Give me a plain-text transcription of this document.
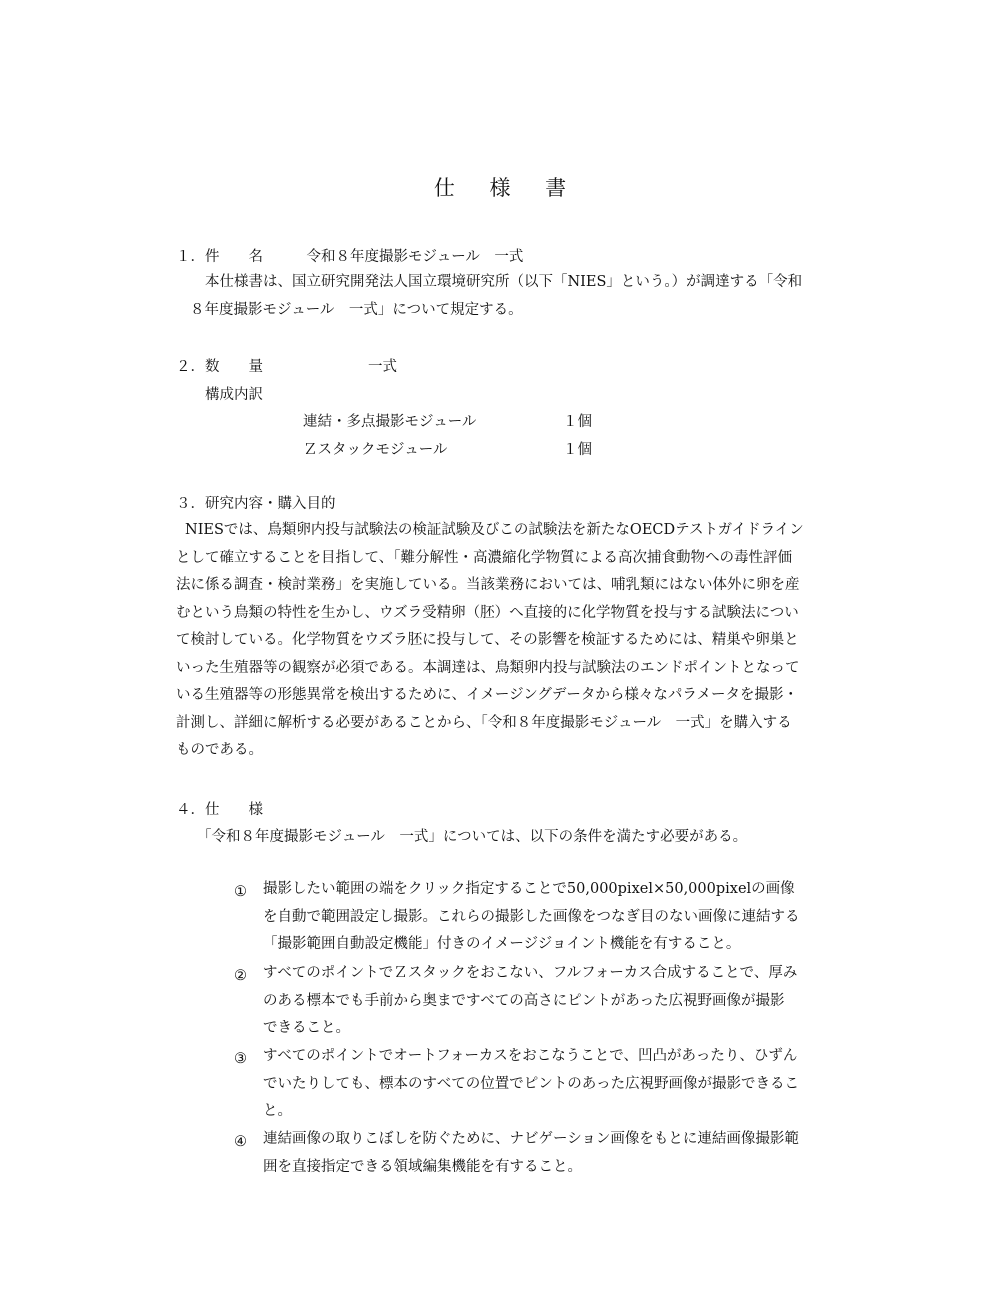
仕 様 書
１．件　　名　　　令和８年度撮影モジュール　一式
本仕様書は、国立研究開発法人国立環境研究所（以下「NIES」という。）が調達する「令和
８年度撮影モジュール　一式」について規定する。
２．数　　量	一式
構成内訳
連結・多点撮影モジュール	１個
Ｚスタックモジュール	１個
３．研究内容・購入目的
NIESでは、鳥類卵内投与試験法の検証試験及びこの試験法を新たなOECDテストガイドライン
として確立することを目指して、「難分解性・高濃縮化学物質による高次捕食動物への毒性評価
法に係る調査・検討業務」を実施している。当該業務においては、哺乳類にはない体外に卵を産
むという鳥類の特性を生かし、ウズラ受精卵（胚）へ直接的に化学物質を投与する試験法につい
て検討している。化学物質をウズラ胚に投与して、その影響を検証するためには、精巣や卵巣と
いった生殖器等の観察が必須である。本調達は、鳥類卵内投与試験法のエンドポイントとなって
いる生殖器等の形態異常を検出するために、イメージングデータから様々なパラメータを撮影・
計測し、詳細に解析する必要があることから、「令和８年度撮影モジュール　一式」を購入する
ものである。
４．仕　　様
「令和８年度撮影モジュール　一式」については、以下の条件を満たす必要がある。
① 撮影したい範囲の端をクリック指定することで50,000pixel×50,000pixelの画像
を自動で範囲設定し撮影。これらの撮影した画像をつなぎ目のない画像に連結する
「撮影範囲自動設定機能」付きのイメージジョイント機能を有すること。
② すべてのポイントでＺスタックをおこない、フルフォーカス合成することで、厚み
のある標本でも手前から奥まですべての高さにピントがあった広視野画像が撮影
できること。
③ すべてのポイントでオートフォーカスをおこなうことで、凹凸があったり、ひずん
でいたりしても、標本のすべての位置でピントのあった広視野画像が撮影できるこ
と。
④ 連結画像の取りこぼしを防ぐために、ナビゲーション画像をもとに連結画像撮影範
囲を直接指定できる領域編集機能を有すること。
